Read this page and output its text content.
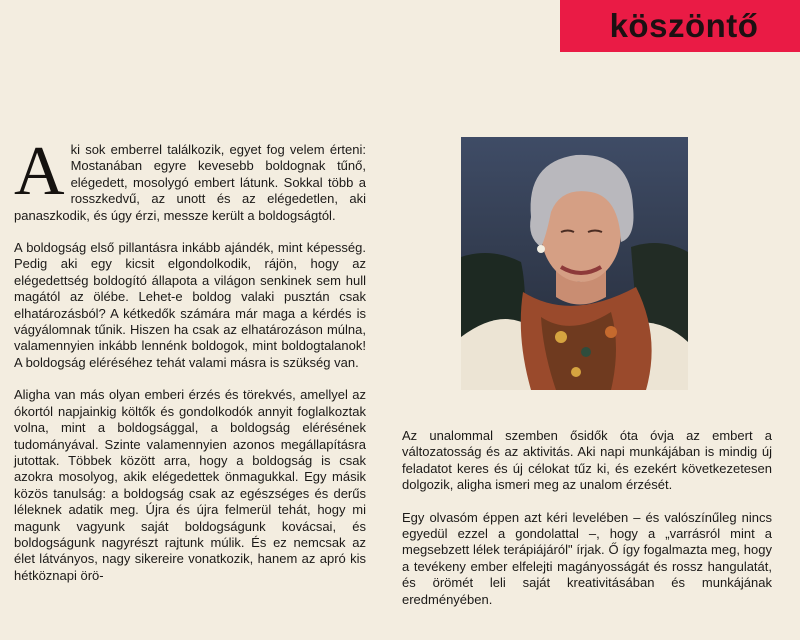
köszöntő

Aki sok emberrel találkozik, egyet fog velem érteni: Mostanában egyre kevesebb boldognak tűnő, elégedett, mosolygó embert látunk. Sokkal több a rosszkedvű, az unott és az elégedetlen, aki panaszkodik, és úgy érzi, messze került a boldogságtól.

A boldogság első pillantásra inkább ajándék, mint képesség. Pedig aki egy kicsit elgondolkodik, rájön, hogy az elégedettség boldogító állapota a világon senkinek sem hull magától az ölébe. Lehet-e boldog valaki pusztán csak elhatározásból? A kétkedők számára már maga a kérdés is vágyálomnak tűnik. Hiszen ha csak az elhatározáson múlna, valamennyien inkább lennénk boldogok, mint boldogtalanok! A boldogság eléréséhez tehát valami másra is szükség van.

Aligha van más olyan emberi érzés és törekvés, amellyel az ókortól napjainkig költők és gondolkodók annyit foglalkoztak volna, mint a boldogsággal, a boldogság elérésének tudományával. Szinte valamennyien azonos megállapításra jutottak. Többek között arra, hogy a boldogság is csak azokra mosolyog, akik elégedettek önmagukkal. Egy másik közös tanulság: a boldogság csak az egészséges és derűs léleknek adatik meg. Újra és újra felmerül tehát, hogy mi magunk vagyunk saját boldogságunk kovácsai, és boldogságunk nagyrészt rajtunk múlik. És ez nemcsak az élet látványos, nagy sikereire vonatkozik, hanem az apró kis hétköznapi örö-

Az unalommal szemben ősidők óta óvja az embert a változatosság és az aktivitás. Aki napi munkájában is mindig új feladatot keres és új célokat tűz ki, és ezekért következetesen dolgozik, aligha ismeri meg az unalom érzését.

Egy olvasóm éppen azt kéri levelében – és valószínűleg nincs egyedül ezzel a gondolattal –, hogy a „varrásról mint a megsebzett lélek terápiájáról" írjak. Ő így fogalmazta meg, hogy a tevékeny ember elfelejti magányosságát és rossz hangulatát, és örömét leli saját kreativitásában és munkájának eredményében.
